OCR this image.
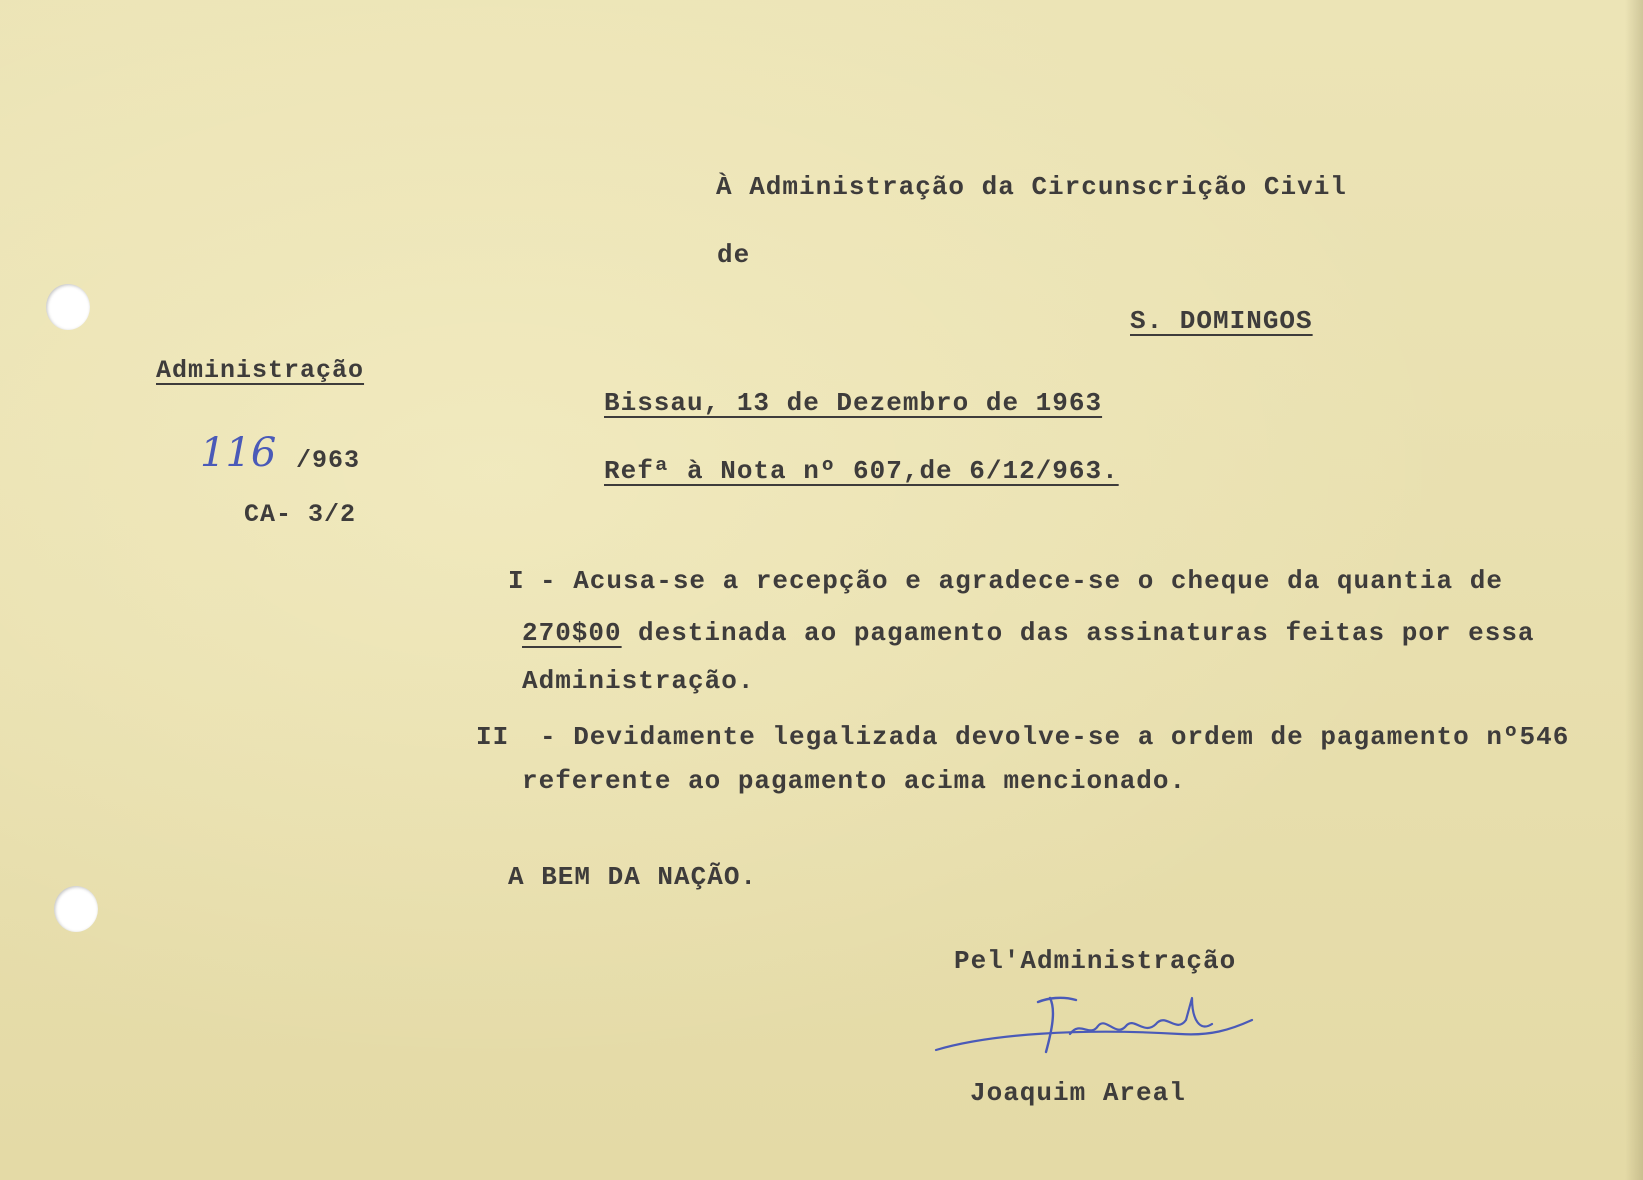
À Administração da Circunscrição Civil
de
S. DOMINGOS
Administração
116 /963
CA- 3/2
Bissau, 13 de Dezembro de 1963
Refª à Nota nº 607,de 6/12/963.
I - Acusa-se a recepção e agradece-se o cheque da quantia de
270$00 destinada ao pagamento das assinaturas feitas por essa
Administração.
II - Devidamente legalizada devolve-se a ordem de pagamento nº546
referente ao pagamento acima mencionado.
A BEM DA NAÇÃO.
Pel'Administração
Joaquim Areal
